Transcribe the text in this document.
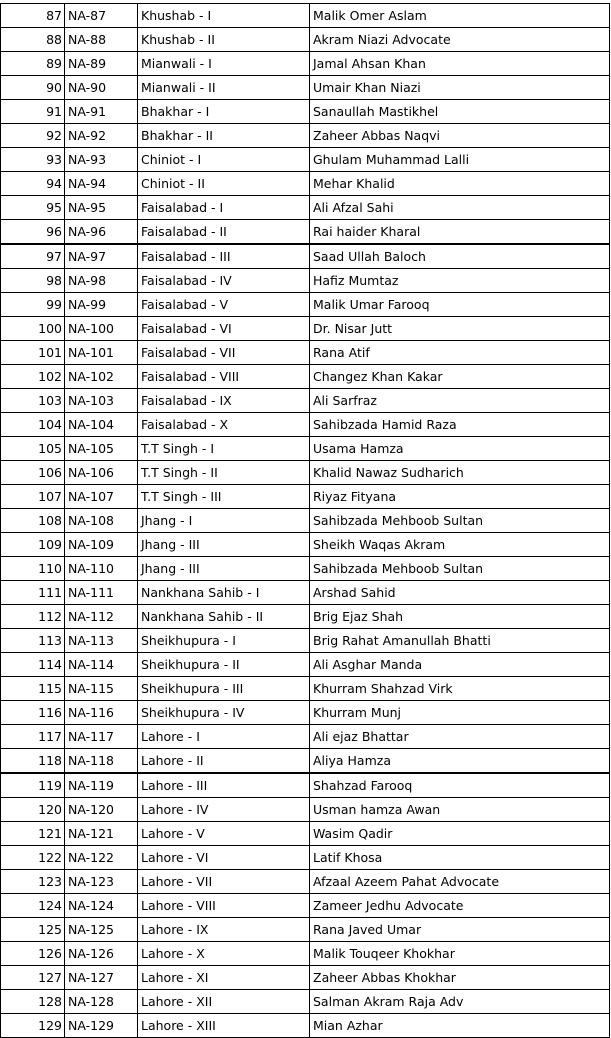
87	NA-87	Khushab - I	Malik Omer Aslam
88	NA-88	Khushab - II	Akram Niazi Advocate
89	NA-89	Mianwali - I	Jamal Ahsan Khan
90	NA-90	Mianwali - II	Umair Khan Niazi
91	NA-91	Bhakhar - I	Sanaullah Mastikhel
92	NA-92	Bhakhar - II	Zaheer Abbas Naqvi
93	NA-93	Chiniot - I	Ghulam Muhammad Lalli
94	NA-94	Chiniot - II	Mehar Khalid
95	NA-95	Faisalabad - I	Ali Afzal Sahi
96	NA-96	Faisalabad - II	Rai haider Kharal
97	NA-97	Faisalabad - III	Saad Ullah Baloch
98	NA-98	Faisalabad - IV	Hafiz Mumtaz
99	NA-99	Faisalabad - V	Malik Umar Farooq
100	NA-100	Faisalabad - VI	Dr. Nisar Jutt
101	NA-101	Faisalabad - VII	Rana Atif
102	NA-102	Faisalabad - VIII	Changez Khan Kakar
103	NA-103	Faisalabad - IX	Ali Sarfraz
104	NA-104	Faisalabad - X	Sahibzada Hamid Raza
105	NA-105	T.T Singh - I	Usama Hamza
106	NA-106	T.T Singh - II	Khalid Nawaz Sudharich
107	NA-107	T.T Singh - III	Riyaz Fityana
108	NA-108	Jhang - I	Sahibzada Mehboob Sultan
109	NA-109	Jhang - III	Sheikh Waqas Akram
110	NA-110	Jhang - III	Sahibzada Mehboob Sultan
111	NA-111	Nankhana Sahib - I	Arshad Sahid
112	NA-112	Nankhana Sahib - II	Brig Ejaz Shah
113	NA-113	Sheikhupura - I	Brig Rahat Amanullah Bhatti
114	NA-114	Sheikhupura - II	Ali Asghar Manda
115	NA-115	Sheikhupura - III	Khurram Shahzad Virk
116	NA-116	Sheikhupura - IV	Khurram Munj
117	NA-117	Lahore - I	Ali ejaz Bhattar
118	NA-118	Lahore - II	Aliya Hamza
119	NA-119	Lahore - III	Shahzad Farooq
120	NA-120	Lahore - IV	Usman hamza Awan
121	NA-121	Lahore - V	Wasim Qadir
122	NA-122	Lahore - VI	Latif Khosa
123	NA-123	Lahore - VII	Afzaal Azeem Pahat Advocate
124	NA-124	Lahore - VIII	Zameer Jedhu Advocate
125	NA-125	Lahore - IX	Rana Javed Umar
126	NA-126	Lahore - X	Malik Touqeer Khokhar
127	NA-127	Lahore - XI	Zaheer Abbas Khokhar
128	NA-128	Lahore - XII	Salman Akram Raja Adv
129	NA-129	Lahore - XIII	Mian Azhar
